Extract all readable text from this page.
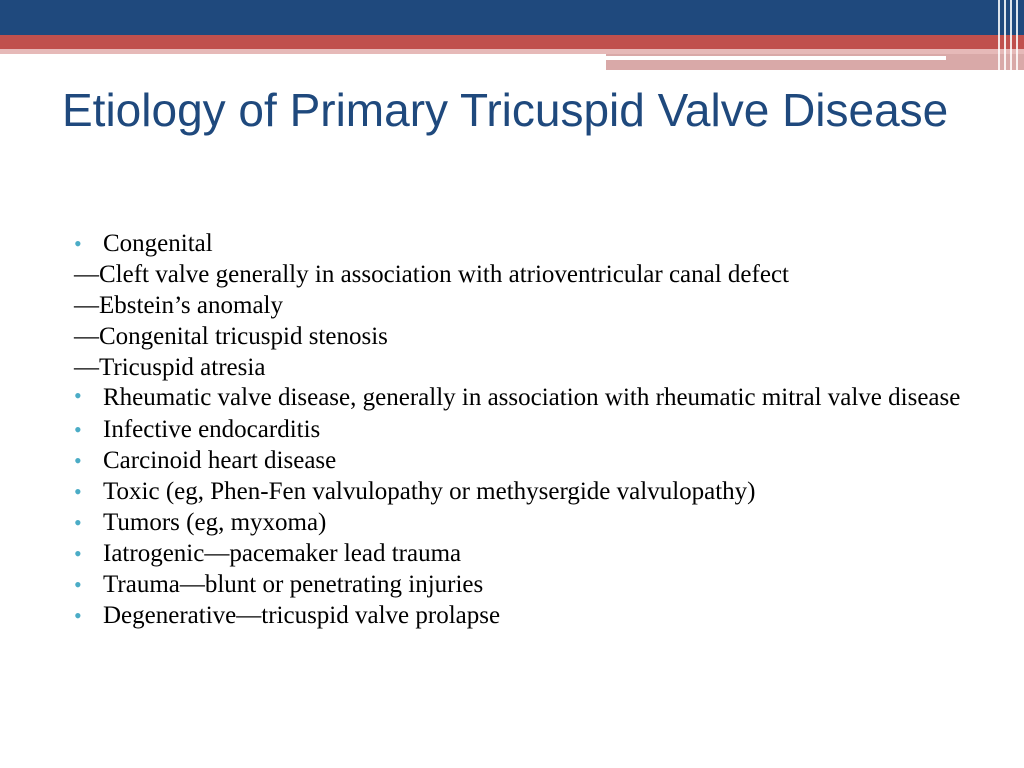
Etiology of Primary Tricuspid Valve Disease

• Congenital

—Cleft valve generally in association with atrioventricular canal defect

—Ebstein’s anomaly

—Congenital tricuspid stenosis

—Tricuspid atresia

• Rheumatic valve disease, generally in association with rheumatic mitral valve disease

• Infective endocarditis

• Carcinoid heart disease

• Toxic (eg, Phen-Fen valvulopathy or methysergide valvulopathy)

• Tumors (eg, myxoma)

• Iatrogenic—pacemaker lead trauma

• Trauma—blunt or penetrating injuries

• Degenerative—tricuspid valve prolapse
